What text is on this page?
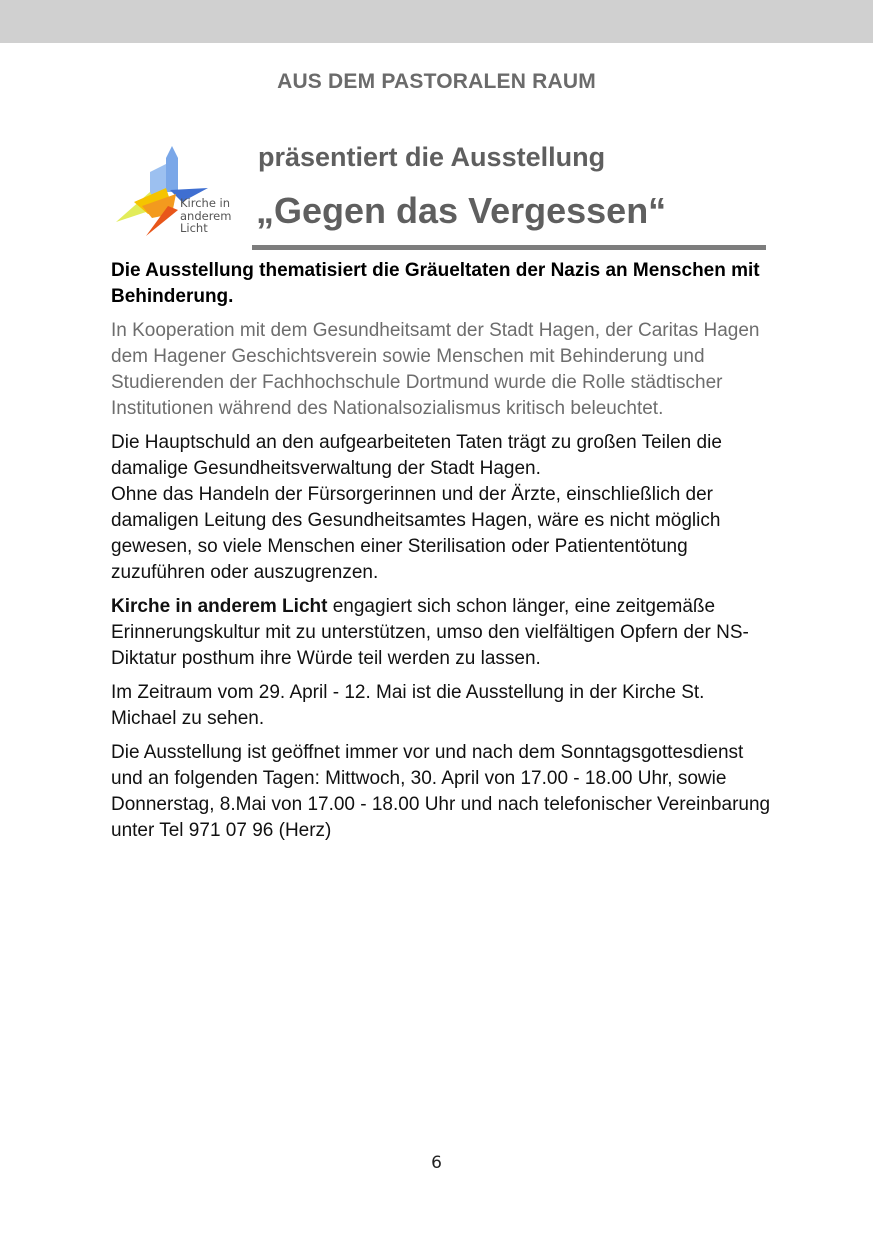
AUS DEM PASTORALEN RAUM
Kirche in
anderem
Licht
präsentiert die Ausstellung
„Gegen das Vergessen“

Die Ausstellung thematisiert die Gräueltaten der Nazis an Menschen mit Behinderung.

In Kooperation mit dem Gesundheitsamt der Stadt Hagen, der Caritas Hagen dem Hagener Geschichtsverein sowie Menschen mit Behinderung und Studierenden der Fachhochschule Dortmund wurde die Rolle städtischer Institutionen während des Nationalsozialismus kritisch beleuchtet.

Die Hauptschuld an den aufgearbeiteten Taten trägt zu großen Teilen die damalige Gesundheitsverwaltung der Stadt Hagen.
Ohne das Handeln der Fürsorgerinnen und der Ärzte, einschließlich der damaligen Leitung des Gesundheitsamtes Hagen, wäre es nicht möglich gewesen, so viele Menschen einer Sterilisation oder Patiententötung zuzuführen oder auszugrenzen.

Kirche in anderem Licht engagiert sich schon länger, eine zeitgemäße Erinnerungskultur mit zu unterstützen, umso den vielfältigen Opfern der NS-Diktatur posthum ihre Würde teil werden zu lassen.

Im Zeitraum vom 29. April - 12. Mai ist die Ausstellung in der Kirche St. Michael zu sehen.

Die Ausstellung ist geöffnet immer vor und nach dem Sonntagsgottesdienst und an folgenden Tagen: Mittwoch, 30. April von 17.00 - 18.00 Uhr, sowie Donnerstag, 8.Mai von 17.00 - 18.00 Uhr und nach telefonischer Vereinbarung unter Tel 971 07 96 (Herz)

6
